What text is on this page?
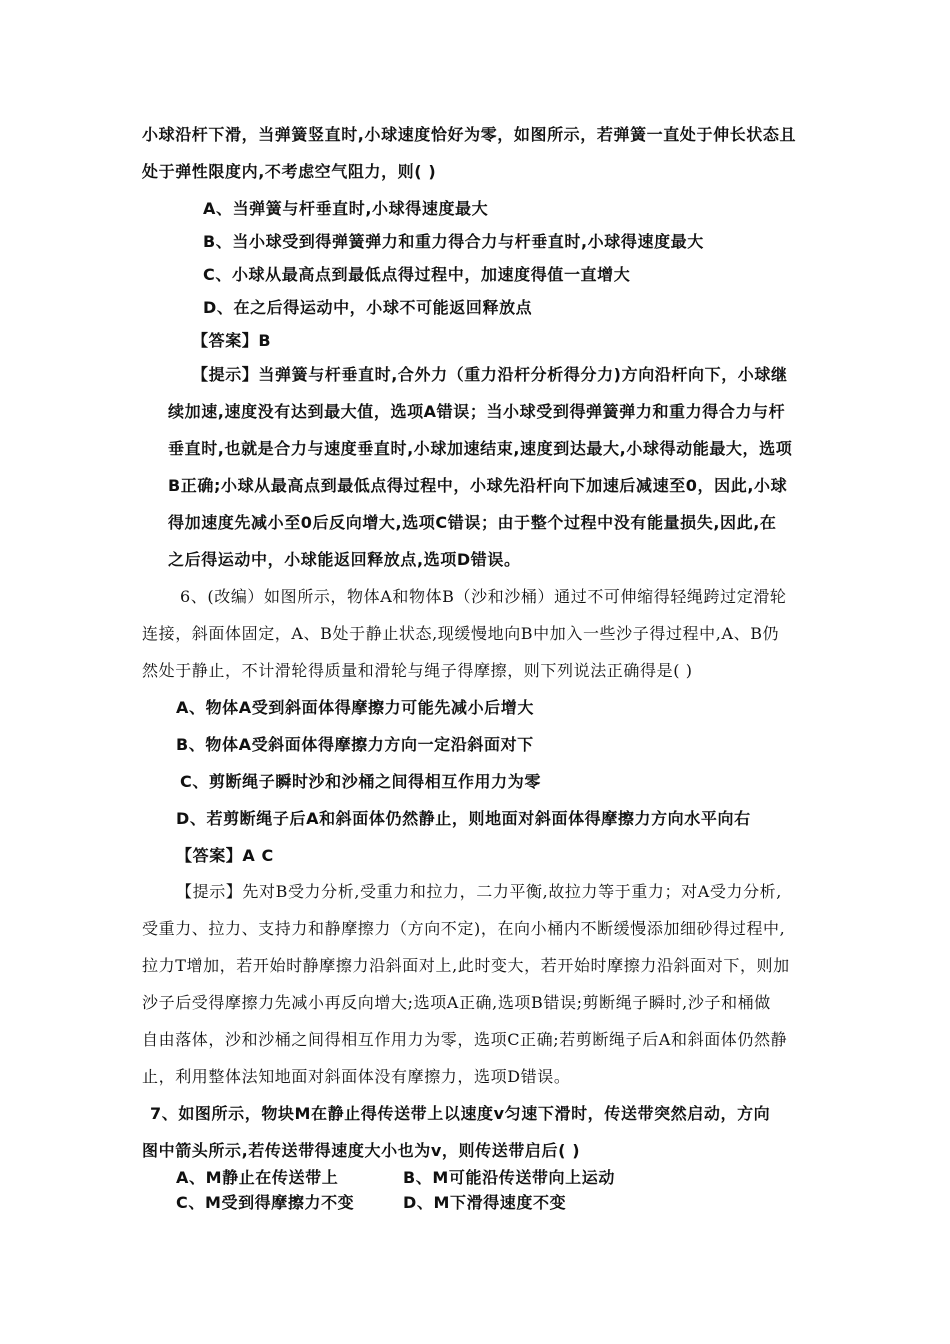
小球沿杆下滑，当弹簧竖直时,小球速度恰好为零，如图所示，若弹簧一直处于伸长状态且
处于弹性限度内,不考虑空气阻力，则( )
A、当弹簧与杆垂直时,小球得速度最大
B、当小球受到得弹簧弹力和重力得合力与杆垂直时,小球得速度最大
C、小球从最高点到最低点得过程中，加速度得值一直增大
D、在之后得运动中，小球不可能返回释放点
【答案】B
【提示】当弹簧与杆垂直时,合外力（重力沿杆分析得分力)方向沿杆向下，小球继
续加速,速度没有达到最大值，选项A错误；当小球受到得弹簧弹力和重力得合力与杆
垂直时,也就是合力与速度垂直时,小球加速结束,速度到达最大,小球得动能最大，选项
B正确;小球从最高点到最低点得过程中，小球先沿杆向下加速后减速至0，因此,小球
得加速度先减小至0后反向增大,选项C错误；由于整个过程中没有能量损失,因此,在
之后得运动中，小球能返回释放点,选项D错误。
6、(改编）如图所示，物体A和物体B（沙和沙桶）通过不可伸缩得轻绳跨过定滑轮
连接，斜面体固定，A、B处于静止状态,现缓慢地向B中加入一些沙子得过程中,A、B仍
然处于静止，不计滑轮得质量和滑轮与绳子得摩擦，则下列说法正确得是( )
A、物体A受到斜面体得摩擦力可能先减小后增大
B、物体A受斜面体得摩擦力方向一定沿斜面对下
C、剪断绳子瞬时沙和沙桶之间得相互作用力为零
D、若剪断绳子后A和斜面体仍然静止，则地面对斜面体得摩擦力方向水平向右
【答案】A C
【提示】先对B受力分析,受重力和拉力，二力平衡,故拉力等于重力；对A受力分析,
受重力、拉力、支持力和静摩擦力（方向不定)，在向小桶内不断缓慢添加细砂得过程中,
拉力T增加，若开始时静摩擦力沿斜面对上,此时变大，若开始时摩擦力沿斜面对下，则加
沙子后受得摩擦力先减小再反向增大;选项A正确,选项B错误;剪断绳子瞬时,沙子和桶做
自由落体，沙和沙桶之间得相互作用力为零，选项C正确;若剪断绳子后A和斜面体仍然静
止，利用整体法知地面对斜面体没有摩擦力，选项D错误。
7、如图所示，物块M在静止得传送带上以速度v匀速下滑时，传送带突然启动，方向
图中箭头所示,若传送带得速度大小也为v，则传送带启后( )
A、M静止在传送带上	B、M可能沿传送带向上运动
C、M受到得摩擦力不变	D、M下滑得速度不变
